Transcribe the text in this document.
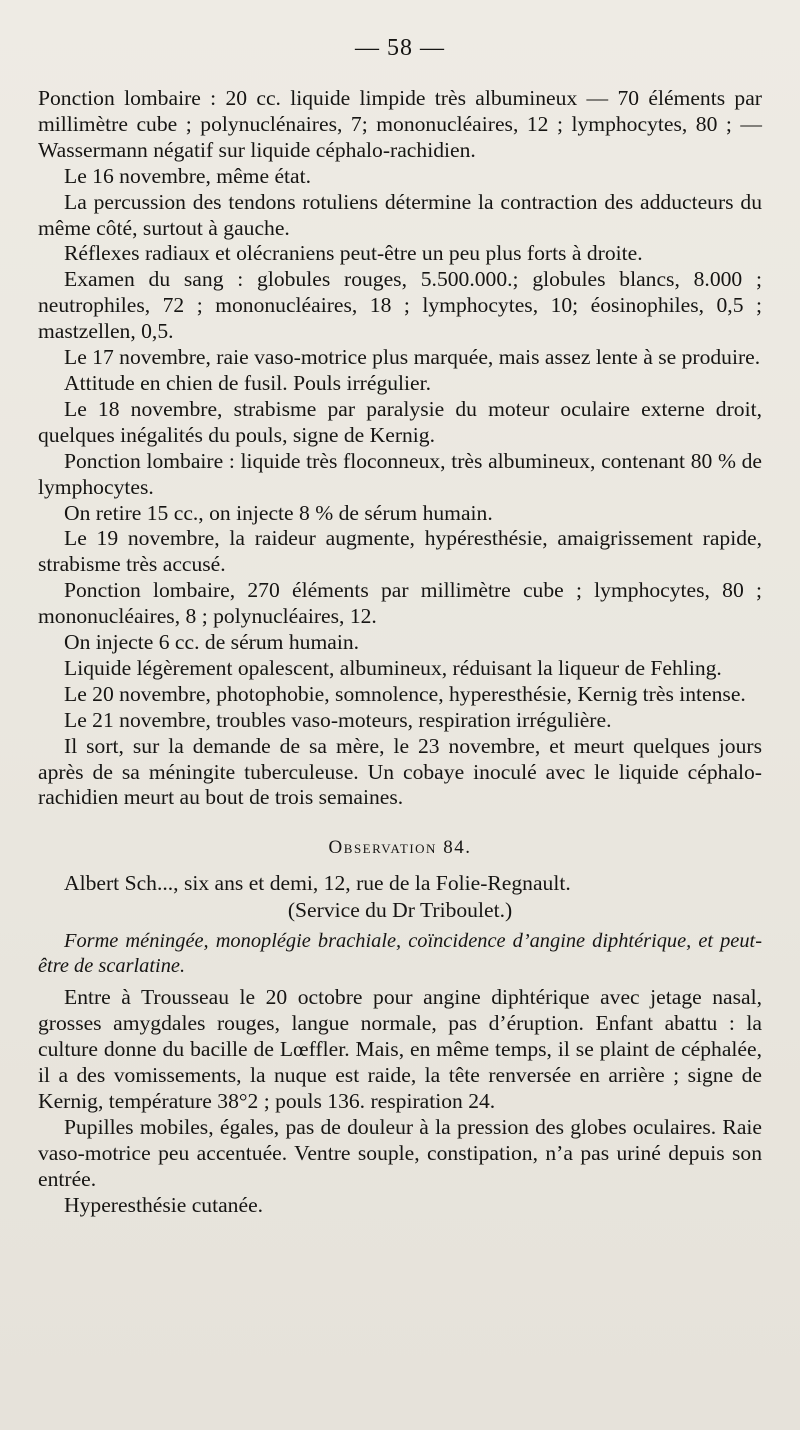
— 58 —

Ponction lombaire : 20 cc. liquide limpide très albumineux — 70 éléments par millimètre cube ; polynuclénaires, 7; mononucléaires, 12 ; lymphocytes, 80 ; — Wassermann négatif sur liquide céphalo-rachidien.

Le 16 novembre, même état.

La percussion des tendons rotuliens détermine la contraction des adducteurs du même côté, surtout à gauche.

Réflexes radiaux et olécraniens peut-être un peu plus forts à droite.

Examen du sang : globules rouges, 5.500.000.; globules blancs, 8.000 ; neutrophiles, 72 ; mononucléaires, 18 ; lymphocytes, 10; éosinophiles, 0,5 ; mastzellen, 0,5.

Le 17 novembre, raie vaso-motrice plus marquée, mais assez lente à se produire.

Attitude en chien de fusil. Pouls irrégulier.

Le 18 novembre, strabisme par paralysie du moteur oculaire externe droit, quelques inégalités du pouls, signe de Kernig.

Ponction lombaire : liquide très floconneux, très albumineux, contenant 80 % de lymphocytes.

On retire 15 cc., on injecte 8 % de sérum humain.

Le 19 novembre, la raideur augmente, hypéresthésie, amaigrissement rapide, strabisme très accusé.

Ponction lombaire, 270 éléments par millimètre cube ; lymphocytes, 80 ; mononucléaires, 8 ; polynucléaires, 12.

On injecte 6 cc. de sérum humain.

Liquide légèrement opalescent, albumineux, réduisant la liqueur de Fehling.

Le 20 novembre, photophobie, somnolence, hyperesthésie, Kernig très intense.

Le 21 novembre, troubles vaso-moteurs, respiration irrégulière.

Il sort, sur la demande de sa mère, le 23 novembre, et meurt quelques jours après de sa méningite tuberculeuse. Un cobaye inoculé avec le liquide céphalo-rachidien meurt au bout de trois semaines.

Observation 84.

Albert Sch..., six ans et demi, 12, rue de la Folie-Regnault.

(Service du Dr Triboulet.)

Forme méningée, monoplégie brachiale, coïncidence d’angine diphtérique, et peut-être de scarlatine.

Entre à Trousseau le 20 octobre pour angine diphtérique avec jetage nasal, grosses amygdales rouges, langue normale, pas d’éruption. Enfant abattu : la culture donne du bacille de Lœffler. Mais, en même temps, il se plaint de céphalée, il a des vomissements, la nuque est raide, la tête renversée en arrière ; signe de Kernig, température 38°2 ; pouls 136. respiration 24.

Pupilles mobiles, égales, pas de douleur à la pression des globes oculaires. Raie vaso-motrice peu accentuée. Ventre souple, constipation, n’a pas uriné depuis son entrée.

Hyperesthésie cutanée.
